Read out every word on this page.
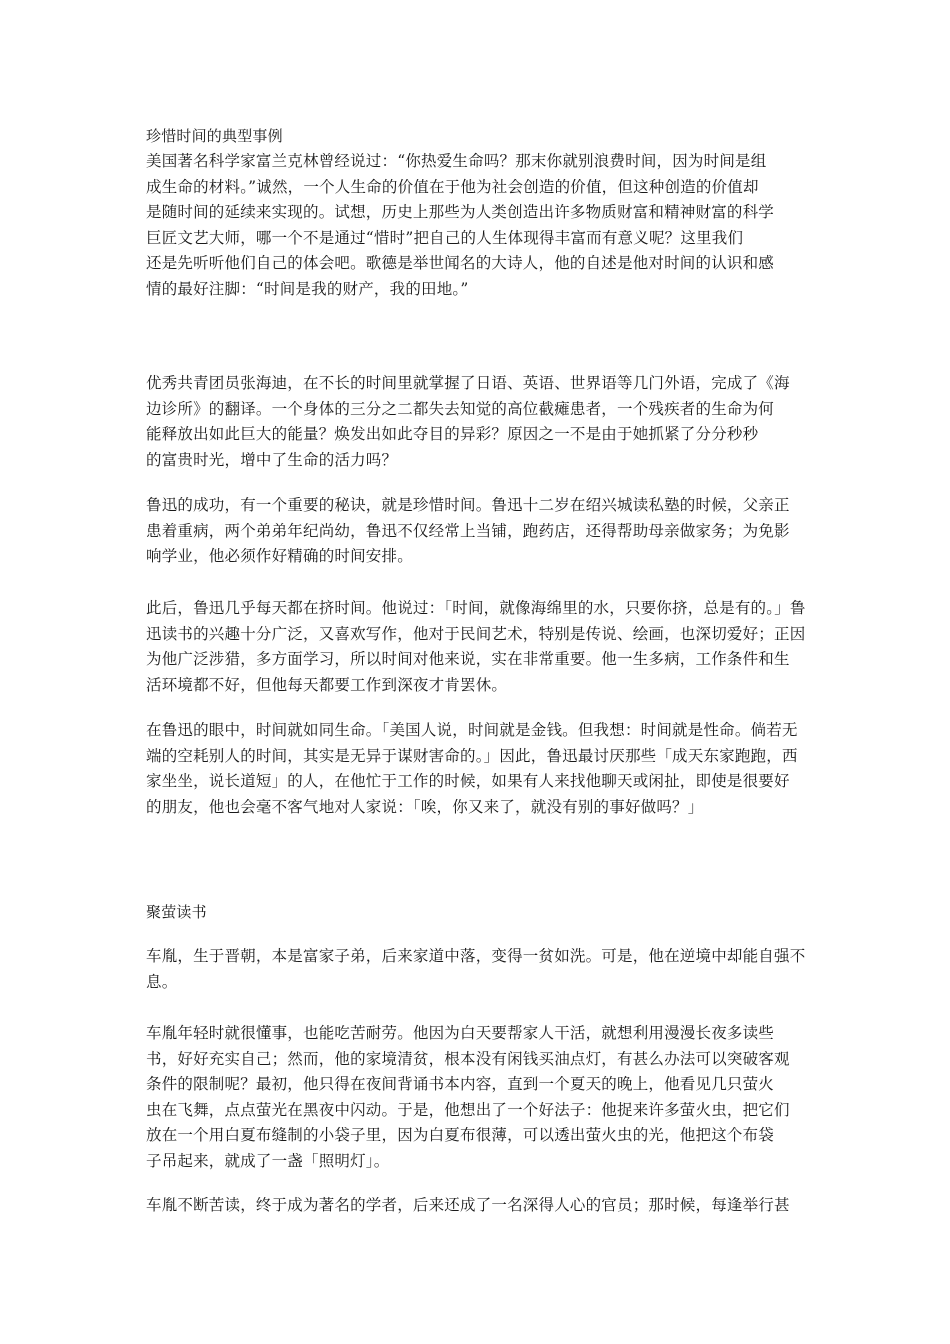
珍惜时间的典型事例

美国著名科学家富兰克林曾经说过：“你热爱生命吗？那末你就别浪费时间，因为时间是组
成生命的材料。”诚然，一个人生命的价值在于他为社会创造的价值，但这种创造的价值却
是随时间的延续来实现的。试想，历史上那些为人类创造出许多物质财富和精神财富的科学
巨匠文艺大师，哪一个不是通过“惜时”把自己的人生体现得丰富而有意义呢？这里我们
还是先听听他们自己的体会吧。歌德是举世闻名的大诗人，他的自述是他对时间的认识和感
情的最好注脚：“时间是我的财产，我的田地。”

优秀共青团员张海迪，在不长的时间里就掌握了日语、英语、世界语等几门外语，完成了《海
边诊所》的翻译。一个身体的三分之二都失去知觉的高位截瘫患者，一个残疾者的生命为何
能释放出如此巨大的能量？焕发出如此夺目的异彩？原因之一不是由于她抓紧了分分秒秒
的富贵时光，增中了生命的活力吗？

鲁迅的成功，有一个重要的秘诀，就是珍惜时间。鲁迅十二岁在绍兴城读私塾的时候，父亲正
患着重病，两个弟弟年纪尚幼，鲁迅不仅经常上当铺，跑药店，还得帮助母亲做家务；为免影
响学业，他必须作好精确的时间安排。

此后，鲁迅几乎每天都在挤时间。他说过：「时间，就像海绵里的水，只要你挤，总是有的。」鲁
迅读书的兴趣十分广泛，又喜欢写作，他对于民间艺术，特别是传说、绘画，也深切爱好；正因
为他广泛涉猎，多方面学习，所以时间对他来说，实在非常重要。他一生多病，工作条件和生
活环境都不好，但他每天都要工作到深夜才肯罢休。

在鲁迅的眼中，时间就如同生命。「美国人说，时间就是金钱。但我想：时间就是性命。倘若无
端的空耗别人的时间，其实是无异于谋财害命的。」因此，鲁迅最讨厌那些「成天东家跑跑，西
家坐坐，说长道短」的人，在他忙于工作的时候，如果有人来找他聊天或闲扯，即使是很要好
的朋友，他也会毫不客气地对人家说：「唉，你又来了，就没有别的事好做吗？」

聚萤读书

车胤，生于晋朝，本是富家子弟，后来家道中落，变得一贫如洗。可是，他在逆境中却能自强不
息。

车胤年轻时就很懂事，也能吃苦耐劳。他因为白天要帮家人干活，就想利用漫漫长夜多读些
书，好好充实自己；然而，他的家境清贫，根本没有闲钱买油点灯，有甚么办法可以突破客观
条件的限制呢？最初，他只得在夜间背诵书本内容，直到一个夏天的晚上，他看见几只萤火
虫在飞舞，点点萤光在黑夜中闪动。于是，他想出了一个好法子：他捉来许多萤火虫，把它们
放在一个用白夏布缝制的小袋子里，因为白夏布很薄，可以透出萤火虫的光，他把这个布袋
子吊起来，就成了一盏「照明灯」。

车胤不断苦读，终于成为著名的学者，后来还成了一名深得人心的官员；那时候，每逢举行甚
